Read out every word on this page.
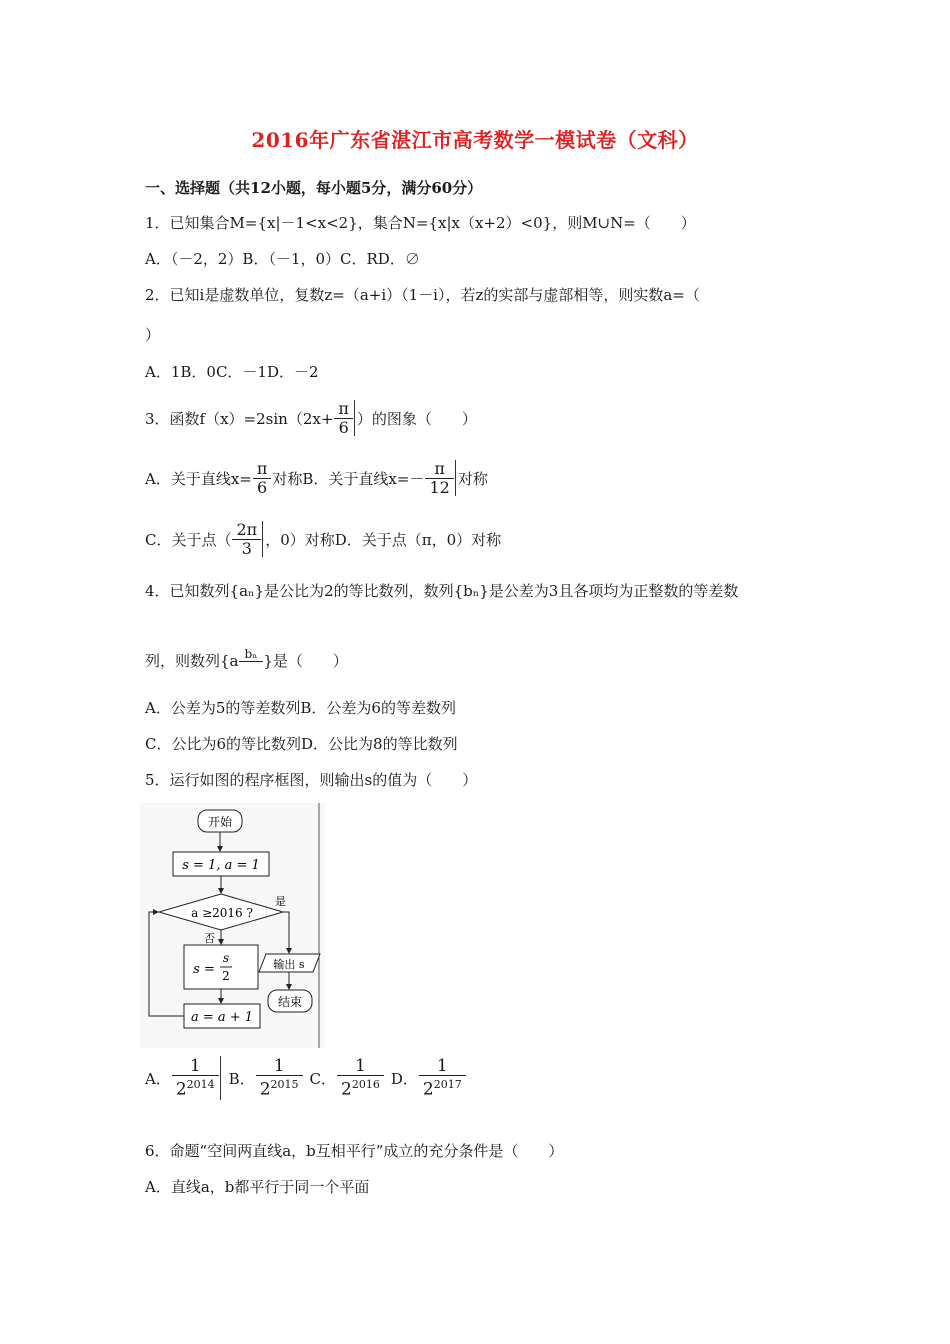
2016年广东省湛江市高考数学一模试卷（文科）
一、选择题（共12小题，每小题5分，满分60分）
1．已知集合M={x|－1<x<2}，集合N={x|x（x+2）<0}，则M∪N=（　　）
A．（－2，2）B．（－1，0）C．RD．∅
2．已知i是虚数单位，复数z=（a+i）（1－i），若z的实部与虚部相等，则实数a=（
）
A．1B．0C．－1D．－2
3．函数$f(x)=2\sin(2x+ \frac{\pi}{6}$ ）的图象（　　）
A．关于直线$x= \frac{\pi}{6}$ 对称B．关于直线$x=- \frac{\pi}{12}$ 对称
C．关于点（ $\frac{2\pi}{3}$ ，0）对称D．关于点（π，0）对称
4．已知数列{aₙ}是公比为2的等比数列，数列{bₙ}是公差为3且各项均为正整数的等差数
列，则数列{a bₙ }是（　　）
A．公差为5的等差数列B．公差为6的等差数列
C．公比为6的等比数列D．公比为8的等比数列
5．运行如图的程序框图，则输出s的值为（　　）
开始
s = 1, a = 1
a ≥2016 ?
是
否
输出 s
结束
s =
s
2
a = a + 1
A． $\frac{1}{2^{2014}}$ B． $\frac{1}{2^{2015}}$ C． $\frac{1}{2^{2016}}$ D． $\frac{1}{2^{2017}}$
6．命题“空间两直线a，b互相平行”成立的充分条件是（　　）
A．直线a，b都平行于同一个平面
